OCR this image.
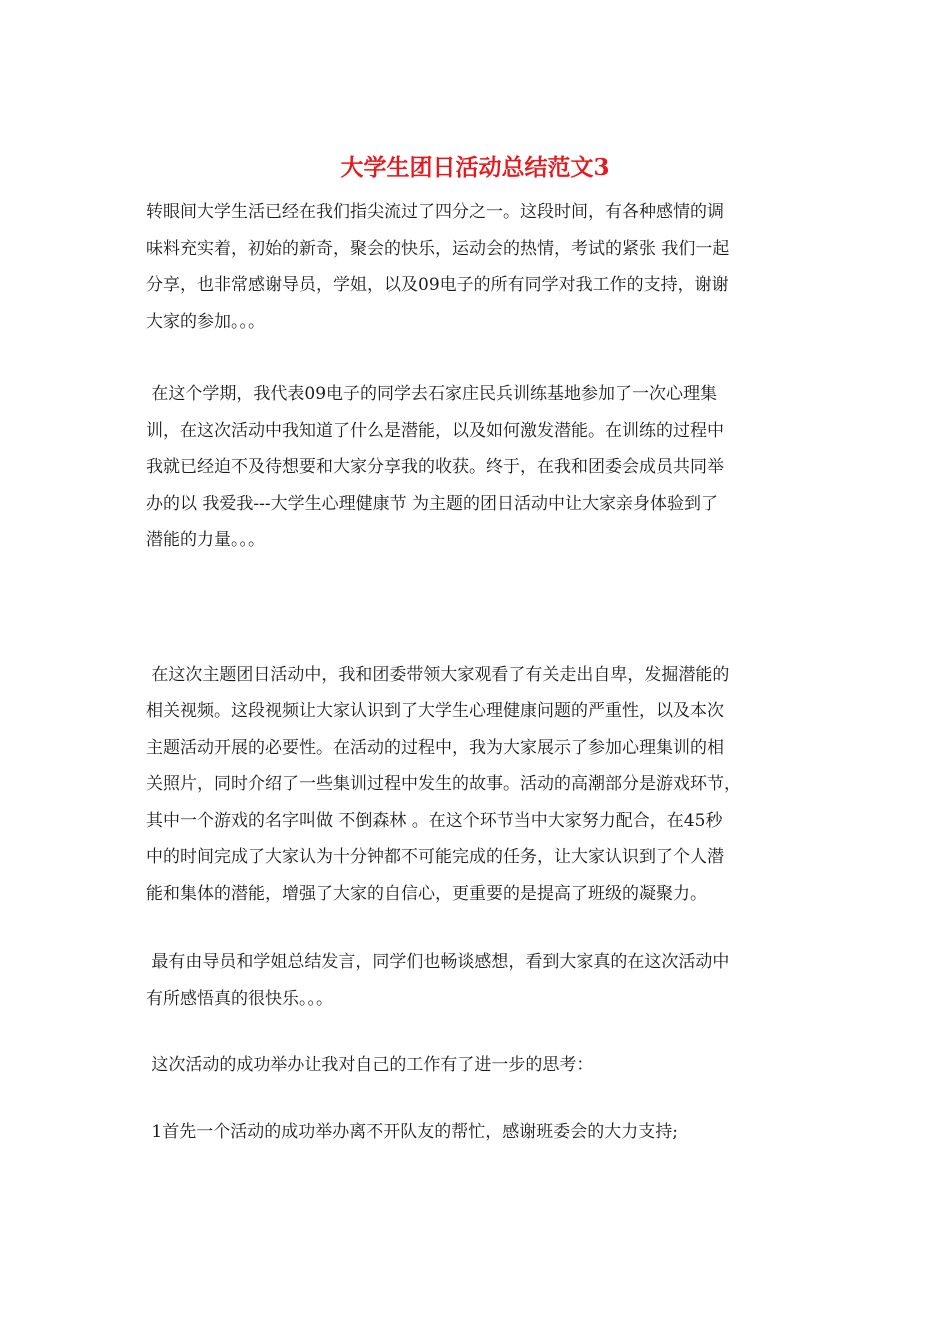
大学生团日活动总结范文3
转眼间大学生活已经在我们指尖流过了四分之一。这段时间，有各种感情的调
味料充实着，初始的新奇，聚会的快乐，运动会的热情，考试的紧张 我们一起
分享，也非常感谢导员，学姐，以及09电子的所有同学对我工作的支持，谢谢
大家的参加。。。
在这个学期，我代表09电子的同学去石家庄民兵训练基地参加了一次心理集
训，在这次活动中我知道了什么是潜能，以及如何激发潜能。在训练的过程中
我就已经迫不及待想要和大家分享我的收获。终于，在我和团委会成员共同举
办的以 我爱我---大学生心理健康节 为主题的团日活动中让大家亲身体验到了
潜能的力量。。。
在这次主题团日活动中，我和团委带领大家观看了有关走出自卑，发掘潜能的
相关视频。这段视频让大家认识到了大学生心理健康问题的严重性，以及本次
主题活动开展的必要性。在活动的过程中，我为大家展示了参加心理集训的相
关照片，同时介绍了一些集训过程中发生的故事。活动的高潮部分是游戏环节，
其中一个游戏的名字叫做 不倒森林 。在这个环节当中大家努力配合，在45秒
中的时间完成了大家认为十分钟都不可能完成的任务，让大家认识到了个人潜
能和集体的潜能，增强了大家的自信心，更重要的是提高了班级的凝聚力。
最有由导员和学姐总结发言，同学们也畅谈感想，看到大家真的在这次活动中
有所感悟真的很快乐。。。
这次活动的成功举办让我对自己的工作有了进一步的思考：
1首先一个活动的成功举办离不开队友的帮忙，感谢班委会的大力支持;
